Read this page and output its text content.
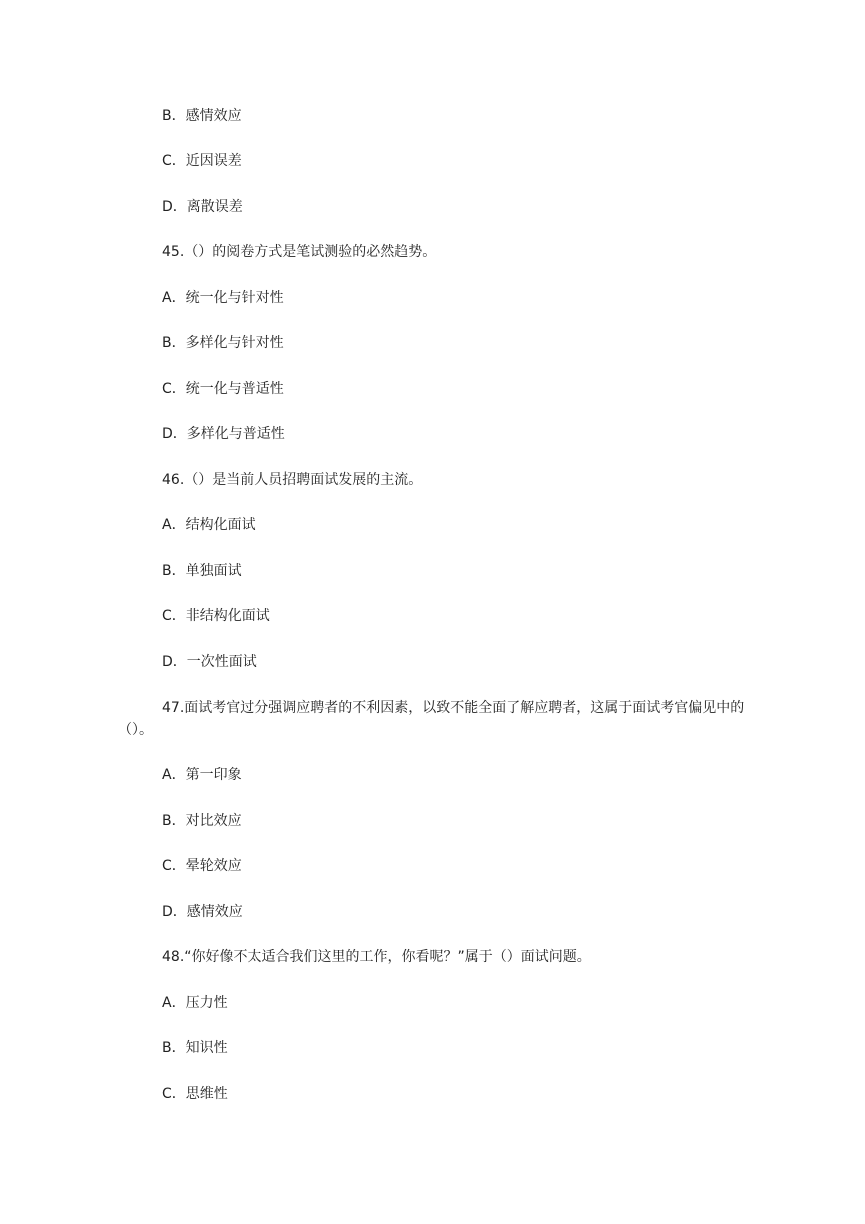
B．感情效应
C．近因误差
D．离散误差
45.（）的阅卷方式是笔试测验的必然趋势。
A．统一化与针对性
B．多样化与针对性
C．统一化与普适性
D．多样化与普适性
46.（）是当前人员招聘面试发展的主流。
A．结构化面试
B．单独面试
C．非结构化面试
D．一次性面试
47.面试考官过分强调应聘者的不利因素，以致不能全面了解应聘者，这属于面试考官偏见中的（）。
A．第一印象
B．对比效应
C．晕轮效应
D．感情效应
48.“你好像不太适合我们这里的工作，你看呢？”属于（）面试问题。
A．压力性
B．知识性
C．思维性
